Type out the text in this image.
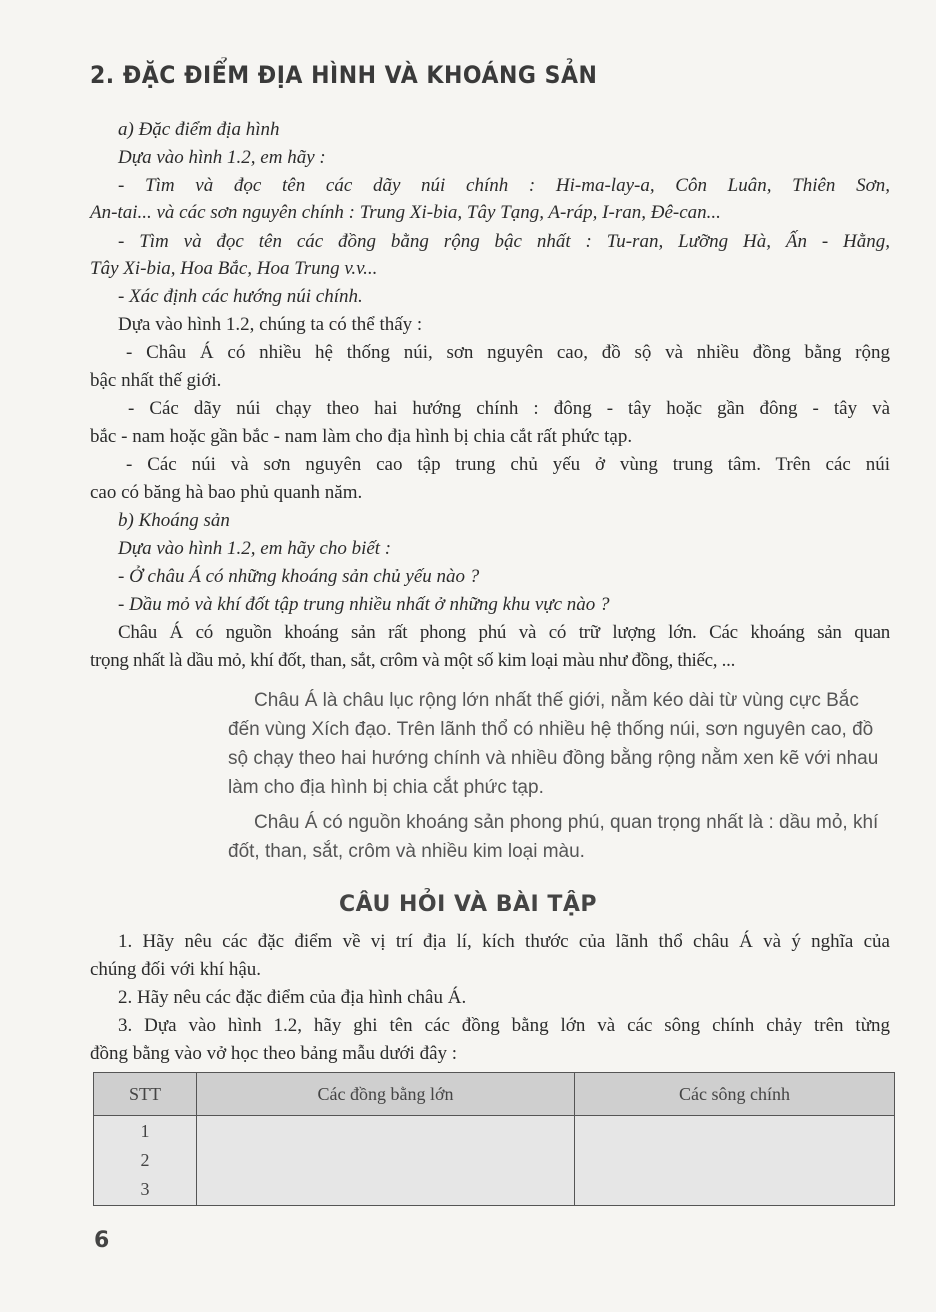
2. ĐẶC ĐIỂM ĐỊA HÌNH VÀ KHOÁNG SẢN
a) Đặc điểm địa hình
Dựa vào hình 1.2, em hãy :
- Tìm và đọc tên các dãy núi chính : Hi-ma-lay-a, Côn Luân, Thiên Sơn,
An-tai... và các sơn nguyên chính : Trung Xi-bia, Tây Tạng, A-ráp, I-ran, Đê-can...
- Tìm và đọc tên các đồng bằng rộng bậc nhất : Tu-ran, Lưỡng Hà, Ấn - Hằng,
Tây Xi-bia, Hoa Bắc, Hoa Trung v.v...
- Xác định các hướng núi chính.
Dựa vào hình 1.2, chúng ta có thể thấy :
- Châu Á có nhiều hệ thống núi, sơn nguyên cao, đồ sộ và nhiều đồng bằng rộng
bậc nhất thế giới.
- Các dãy núi chạy theo hai hướng chính : đông - tây hoặc gần đông - tây và
bắc - nam hoặc gần bắc - nam làm cho địa hình bị chia cắt rất phức tạp.
- Các núi và sơn nguyên cao tập trung chủ yếu ở vùng trung tâm. Trên các núi
cao có băng hà bao phủ quanh năm.
b) Khoáng sản
Dựa vào hình 1.2, em hãy cho biết :
- Ở châu Á có những khoáng sản chủ yếu nào ?
- Dầu mỏ và khí đốt tập trung nhiều nhất ở những khu vực nào ?
Châu Á có nguồn khoáng sản rất phong phú và có trữ lượng lớn. Các khoáng sản quan
trọng nhất là dầu mỏ, khí đốt, than, sắt, crôm và một số kim loại màu như đồng, thiếc, ...

Châu Á là châu lục rộng lớn nhất thế giới, nằm kéo dài từ vùng cực Bắc đến vùng Xích đạo. Trên lãnh thổ có nhiều hệ thống núi, sơn nguyên cao, đồ sộ chạy theo hai hướng chính và nhiều đồng bằng rộng nằm xen kẽ với nhau làm cho địa hình bị chia cắt phức tạp.

Châu Á có nguồn khoáng sản phong phú, quan trọng nhất là : dầu mỏ, khí đốt, than, sắt, crôm và nhiều kim loại màu.

CÂU HỎI VÀ BÀI TẬP
1. Hãy nêu các đặc điểm về vị trí địa lí, kích thước của lãnh thổ châu Á và ý nghĩa của
chúng đối với khí hậu.
2. Hãy nêu các đặc điểm của địa hình châu Á.
3. Dựa vào hình 1.2, hãy ghi tên các đồng bằng lớn và các sông chính chảy trên từng
đồng bằng vào vở học theo bảng mẫu dưới đây :
STT	Các đồng bằng lớn	Các sông chính

1
2
3		

6
